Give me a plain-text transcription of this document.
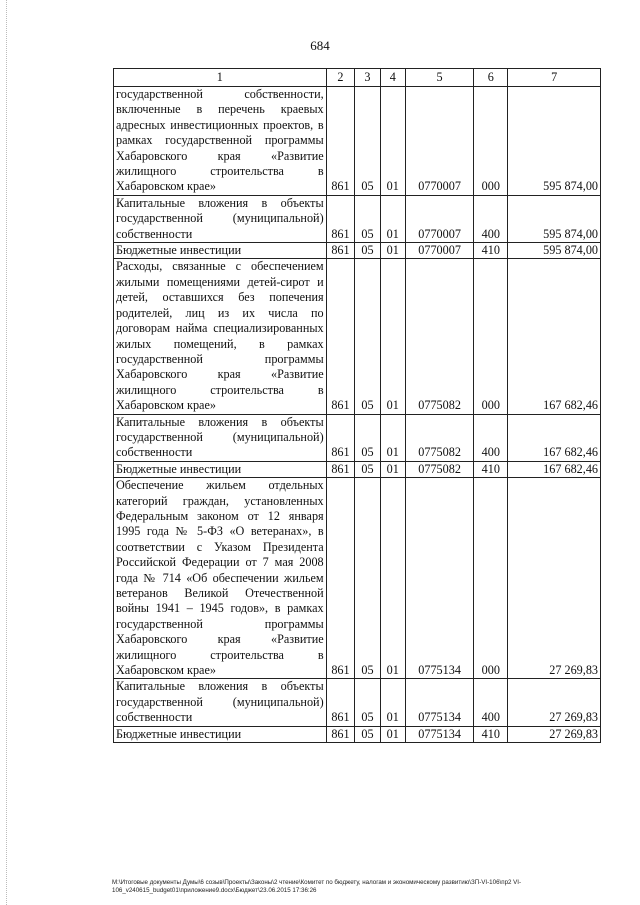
684
1	2	3	4	5	6	7
государственной собственности, включенные в перечень краевых адресных инвестиционных проектов, в рамках государственной программы Хабаровского края «Развитие жилищного строительства в Хабаровском крае»	861	05	01	0770007	000	595 874,00
Капитальные вложения в объекты государственной (муниципальной) собственности	861	05	01	0770007	400	595 874,00
Бюджетные инвестиции	861	05	01	0770007	410	595 874,00
Расходы, связанные с обеспечением жилыми помещениями детей-сирот и детей, оставшихся без попечения родителей, лиц из их числа по договорам найма специализированных жилых помещений, в рамках государственной программы Хабаровского края «Развитие жилищного строительства в Хабаровском крае»	861	05	01	0775082	000	167 682,46
Капитальные вложения в объекты государственной (муниципальной) собственности	861	05	01	0775082	400	167 682,46
Бюджетные инвестиции	861	05	01	0775082	410	167 682,46
Обеспечение жильем отдельных категорий граждан, установленных Федеральным законом от 12 января 1995 года № 5-ФЗ «О ветеранах», в соответствии с Указом Президента Российской Федерации от 7 мая 2008 года № 714 «Об обеспечении жильем ветеранов Великой Отечественной войны 1941 – 1945 годов», в рамках государственной программы Хабаровского края «Развитие жилищного строительства в Хабаровском крае»	861	05	01	0775134	000	27 269,83
Капитальные вложения в объекты государственной (муниципальной) собственности	861	05	01	0775134	400	27 269,83
Бюджетные инвестиции	861	05	01	0775134	410	27 269,83
M:\Итоговые документы Думы\6 созыв\Проекты\Законы\2 чтение\Комитет по бюджету, налогам и экономическому развитию\ЗП-VI-106\пр2 VI-106_v240615_budget01\приложение9.docx\Бюджет\23.06.2015 17:36:26
